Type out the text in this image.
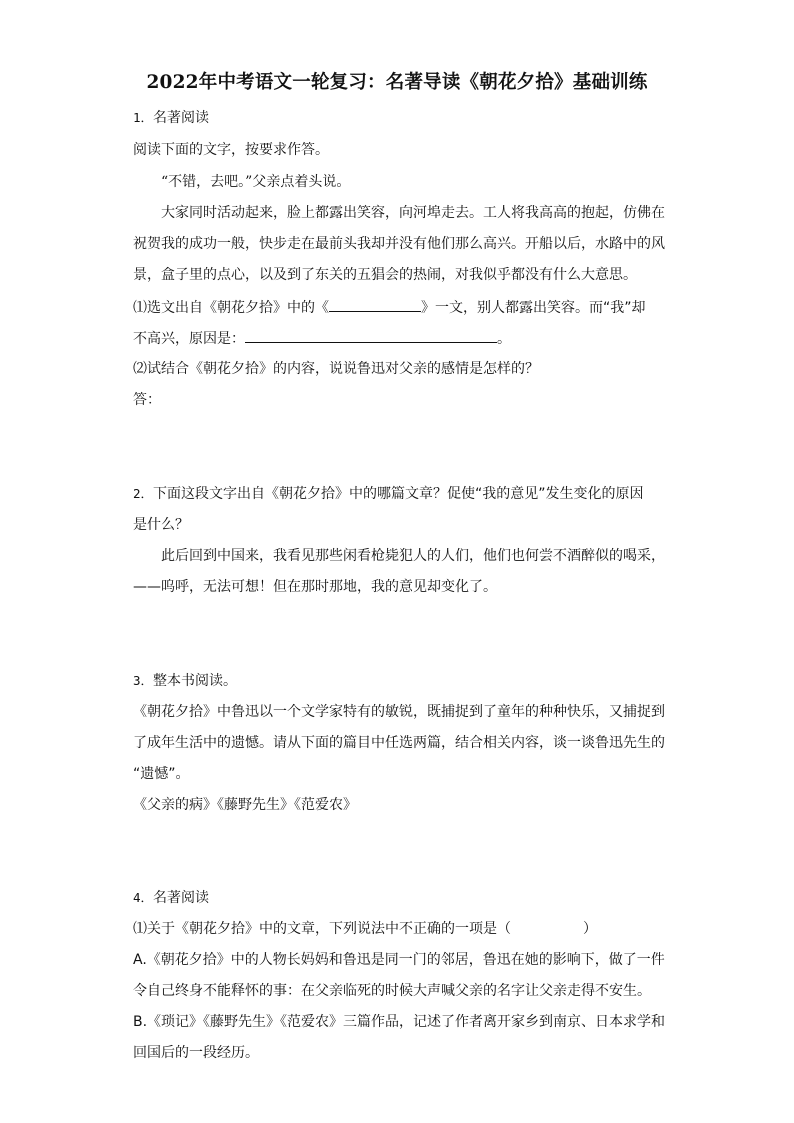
2022年中考语文一轮复习：名著导读《朝花夕拾》基础训练
1．名著阅读
阅读下面的文字，按要求作答。
“不错，去吧。”父亲点着头说。
大家同时活动起来，脸上都露出笑容，向河埠走去。工人将我高高的抱起，仿佛在
祝贺我的成功一般，快步走在最前头我却并没有他们那么高兴。开船以后，水路中的风
景，盒子里的点心，以及到了东关的五猖会的热闹，对我似乎都没有什么大意思。
⑴选文出自《朝花夕拾》中的《	》一文，别人都露出笑容。而“我”却
不高兴，原因是：	。
⑵试结合《朝花夕拾》的内容，说说鲁迅对父亲的感情是怎样的？
答：
2．下面这段文字出自《朝花夕拾》中的哪篇文章？促使“我的意见”发生变化的原因
是什么？
此后回到中国来，我看见那些闲看枪毙犯人的人们，他们也何尝不酒醉似的喝采，
——呜呼，无法可想！但在那时那地，我的意见却变化了。
3．整本书阅读。
《朝花夕拾》中鲁迅以一个文学家特有的敏锐，既捕捉到了童年的种种快乐，又捕捉到
了成年生活中的遗憾。请从下面的篇目中任选两篇，结合相关内容，谈一谈鲁迅先生的
“遗憾”。
《父亲的病》《藤野先生》《范爱农》
4．名著阅读
⑴关于《朝花夕拾》中的文章，下列说法中不正确的一项是（	）
A.《朝花夕拾》中的人物长妈妈和鲁迅是同一门的邻居，鲁迅在她的影响下，做了一件
令自己终身不能释怀的事：在父亲临死的时候大声喊父亲的名字让父亲走得不安生。
B.《琐记》《藤野先生》《范爱农》三篇作品，记述了作者离开家乡到南京、日本求学和
回国后的一段经历。
